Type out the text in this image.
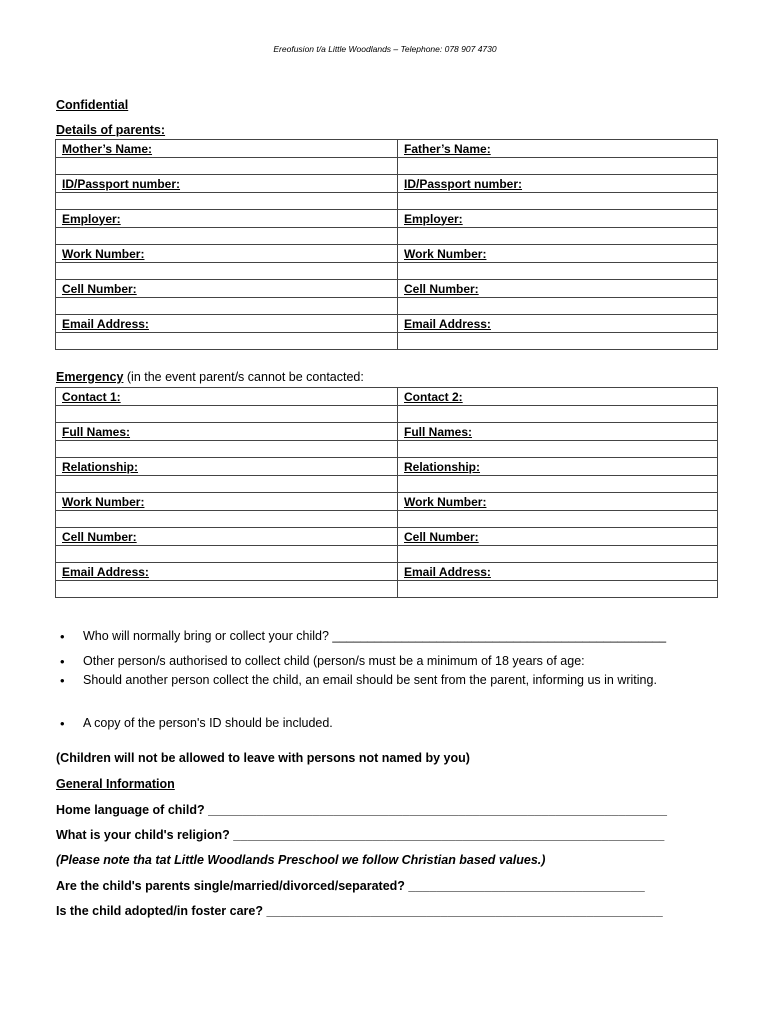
Ereofusion t/a Little Woodlands – Telephone: 078 907 4730
Confidential
Details of parents:
Mother’s Name:	Father’s Name:

ID/Passport number:	ID/Passport number:

Employer:	Employer:

Work Number:	Work Number:

Cell Number:	Cell Number:

Email Address:	Email Address:

Emergency (in the event parent/s cannot be contacted:
Contact 1:	Contact 2:

Full Names:	Full Names:

Relationship:	Relationship:

Work Number:	Work Number:

Cell Number:	Cell Number:

Email Address:	Email Address:

• Who will normally bring or collect your child? ________________________________________________
• Other person/s authorised to collect child (person/s must be a minimum of 18 years of age:
• Should another person collect the child, an email should be sent from the parent, informing us in writing.
• A copy of the person's ID should be included.
(Children will not be allowed to leave with persons not named by you)
General Information
Home language of child? __________________________________________________________________
What is your child's religion? ______________________________________________________________
(Please note tha tat Little Woodlands Preschool we follow Christian based values.)
Are the child's parents single/married/divorced/separated? __________________________________
Is the child adopted/in foster care? _________________________________________________________
